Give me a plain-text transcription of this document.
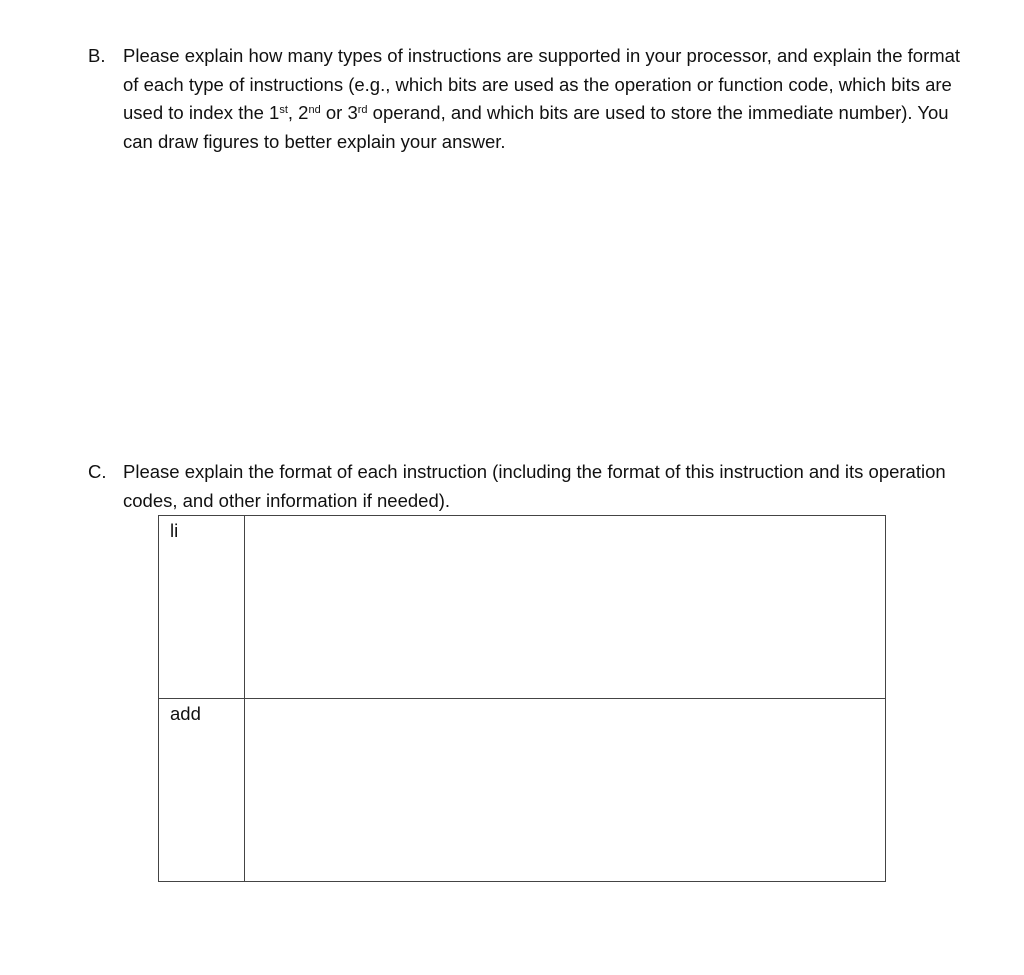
B. Please explain how many types of instructions are supported in your processor, and explain the format of each type of instructions (e.g., which bits are used as the operation or function code, which bits are used to index the 1st, 2nd or 3rd operand, and which bits are used to store the immediate number). You can draw figures to better explain your answer.
C. Please explain the format of each instruction (including the format of this instruction and its operation codes, and other information if needed).
li	
add	
